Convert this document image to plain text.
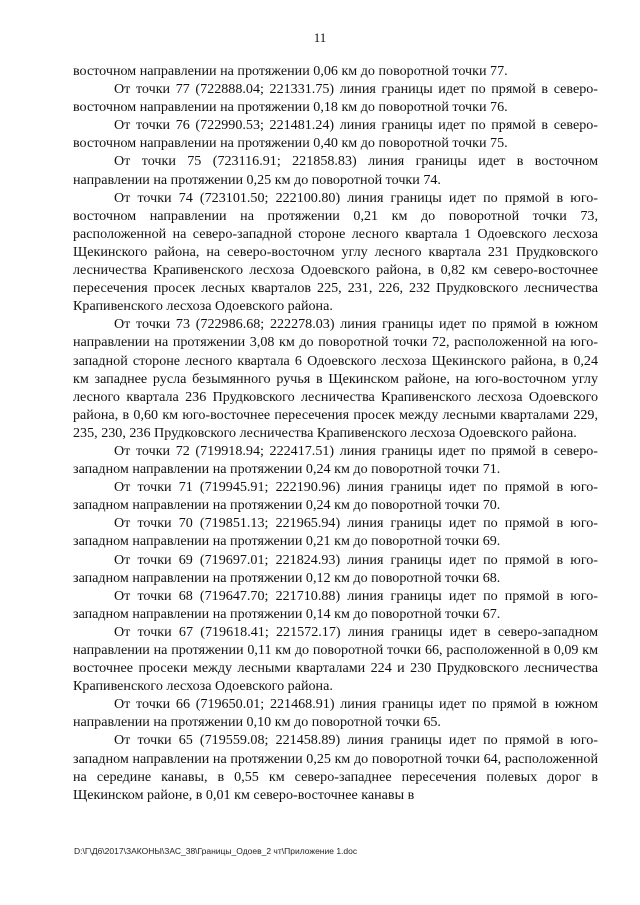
11

восточном направлении на протяжении 0,06 км до поворотной точки 77.

От точки 77 (722888.04; 221331.75) линия границы идет по прямой в северо-восточном направлении на протяжении 0,18 км до поворотной точки 76.

От точки 76 (722990.53; 221481.24) линия границы идет по прямой в северо-восточном направлении на протяжении 0,40 км до поворотной точки 75.

От точки 75 (723116.91; 221858.83) линия границы идет в восточном направлении на протяжении 0,25 км до поворотной точки 74.

От точки 74 (723101.50; 222100.80) линия границы идет по прямой в юго-восточном направлении на протяжении 0,21 км до поворотной точки 73, расположенной на северо-западной стороне лесного квартала 1 Одоевского лесхоза Щекинского района, на северо-восточном углу лесного квартала 231 Прудковского лесничества Крапивенского лесхоза Одоевского района, в 0,82 км северо-восточнее пересечения просек лесных кварталов 225, 231, 226, 232 Прудковского лесничества Крапивенского лесхоза Одоевского района.

От точки 73 (722986.68; 222278.03) линия границы идет по прямой в южном направлении на протяжении 3,08 км до поворотной точки 72, расположенной на юго-западной стороне лесного квартала 6 Одоевского лесхоза Щекинского района, в 0,24 км западнее русла безымянного ручья в Щекинском районе, на юго-восточном углу лесного квартала 236 Прудковского лесничества Крапивенского лесхоза Одоевского района, в 0,60 км юго-восточнее пересечения просек между лесными кварталами 229, 235, 230, 236 Прудковского лесничества Крапивенского лесхоза Одоевского района.

От точки 72 (719918.94; 222417.51) линия границы идет по прямой в северо-западном направлении на протяжении 0,24 км до поворотной точки 71.

От точки 71 (719945.91; 222190.96) линия границы идет по прямой в юго-западном направлении на протяжении 0,24 км до поворотной точки 70.

От точки 70 (719851.13; 221965.94) линия границы идет по прямой в юго-западном направлении на протяжении 0,21 км до поворотной точки 69.

От точки 69 (719697.01; 221824.93) линия границы идет по прямой в юго-западном направлении на протяжении 0,12 км до поворотной точки 68.

От точки 68 (719647.70; 221710.88) линия границы идет по прямой в юго-западном направлении на протяжении 0,14 км до поворотной точки 67.

От точки 67 (719618.41; 221572.17) линия границы идет в северо-западном направлении на протяжении 0,11 км до поворотной точки 66, расположенной в 0,09 км восточнее просеки между лесными кварталами 224 и 230 Прудковского лесничества Крапивенского лесхоза Одоевского района.

От точки 66 (719650.01; 221468.91) линия границы идет по прямой в южном направлении на протяжении 0,10 км до поворотной точки 65.

От точки 65 (719559.08; 221458.89) линия границы идет по прямой в юго-западном направлении на протяжении 0,25 км до поворотной точки 64, расположенной на середине канавы, в 0,55 км северо-западнее пересечения полевых дорог в Щекинском районе, в 0,01 км северо-восточнее канавы в

D:\Г\Д6\2017\ЗАКОНЫ\ЗАС_38\Границы_Одоев_2 чт\Приложение 1.doc
